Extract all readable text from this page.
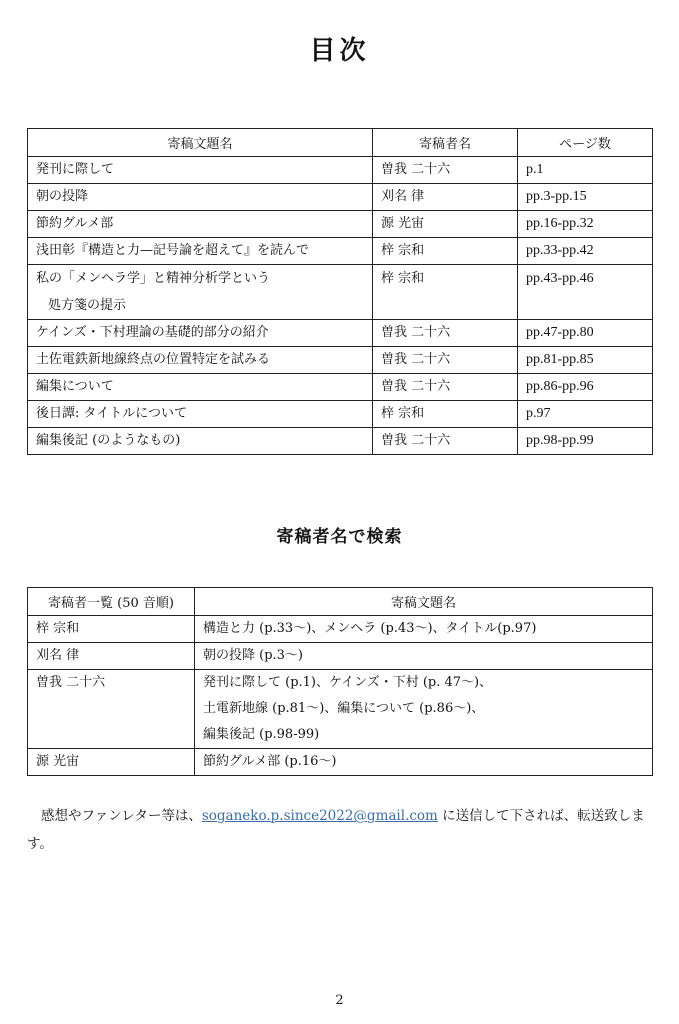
目次
寄稿文題名	寄稿者名	ページ数
発刊に際して	曽我 二十六	p.1
朝の投降	刈名 律	pp.3-pp.15
節約グルメ部	源 光宙	pp.16-pp.32
浅田彰『構造と力—記号論を超えて』を読んで	梓 宗和	pp.33-pp.42

私の「メンヘラ学」と精神分析学という
処方箋の提示	梓 宗和	pp.43-pp.46
ケインズ・下村理論の基礎的部分の紹介	曽我 二十六	pp.47-pp.80
土佐電鉄新地線終点の位置特定を試みる	曽我 二十六	pp.81-pp.85
編集について	曽我 二十六	pp.86-pp.96
後日譚: タイトルについて	梓 宗和	p.97
編集後記 (のようなもの)	曽我 二十六	pp.98-pp.99
寄稿者名で検索
寄稿者一覧 (50 音順)	寄稿文題名
梓 宗和	構造と力 (p.33～)、メンヘラ (p.43～)、タイトル(p.97)

刈名 律	朝の投降 (p.3～)

曽我 二十六	発刊に際して (p.1)、ケインズ・下村 (p. 47～)、
土電新地線 (p.81～)、編集について (p.86～)、
編集後記 (p.98-99)

源 光宙	節約グルメ部 (p.16～)
感想やファンレター等は、soganeko.p.since2022@gmail.com に送信して下されば、転送致します。
2
